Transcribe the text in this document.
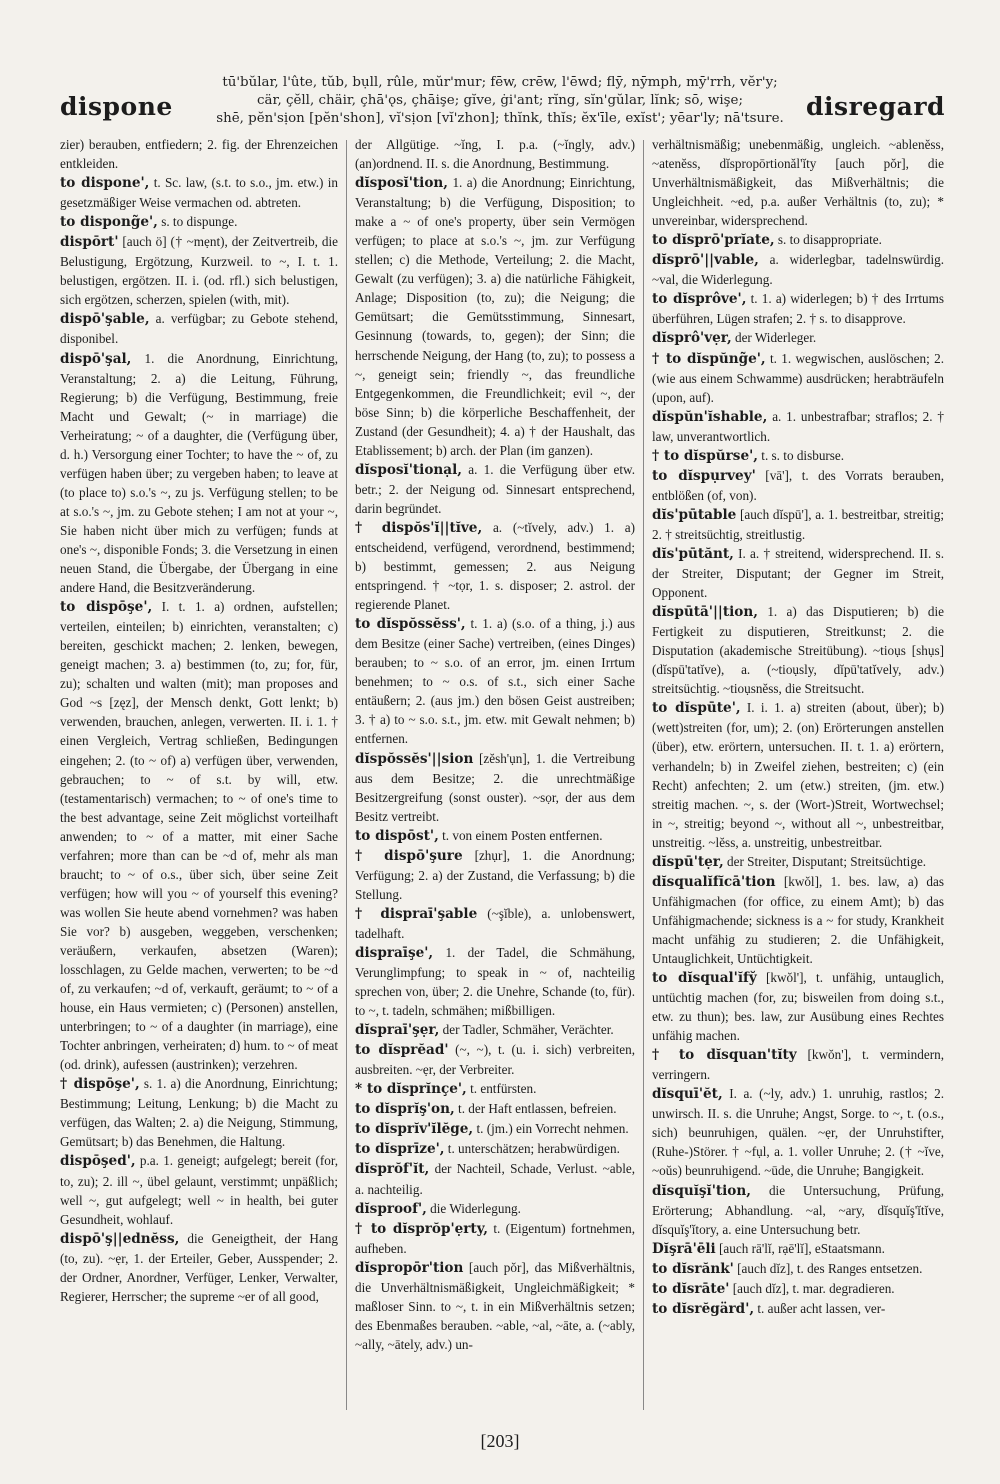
dispone
tū'bŭlar, l'ûte, tŭb, bụll, rûle, mŭr'mur; fēw, crēw, l'ēwd; flȳ, nȳmph, mȳ'rrh, vĕr'y;
cär, çĕll, chäir, çhā'ǫs, çhāişe; gĭve, ġi'ant; rĭng, sĭn'gŭlar, lĭnk; sō, wişe;
shē, pĕn'sịon [pĕn'shon], vĭ'sịon [vĭ'zhon]; thĭnk, thĭs; ĕx'īle, exĭst'; yēar'ly; nā'tsure. disregard

zier) berauben, entfiedern; 2. fig. der Ehrenzeichen entkleiden.

to dispone', t. Sc. law, (s.t. to s.o., jm. etw.) in gesetzmäßiger Weise vermachen od. abtreten.

to dispong̃e', s. to dispunge.

dispōrt' [auch ö] († ~mẹnt), der Zeitvertreib, die Belustigung, Ergötzung, Kurzweil. to ~, I. t. 1. belustigen, ergötzen. II. i. (od. rfl.) sich belustigen, sich ergötzen, scherzen, spielen (with, mit).

dispō'şable, a. verfügbar; zu Gebote stehend, disponibel.

dispō'şal, 1. die Anordnung, Einrichtung, Veranstaltung; 2. a) die Leitung, Führung, Regierung; b) die Verfügung, Bestimmung, freie Macht und Gewalt; (~ in marriage) die Verheiratung; ~ of a daughter, die (Verfügung über, d. h.) Versorgung einer Tochter; to have the ~ of, zu verfügen haben über; zu vergeben haben; to leave at (to place to) s.o.'s ~, zu js. Verfügung stellen; to be at s.o.'s ~, jm. zu Gebote stehen; I am not at your ~, Sie haben nicht über mich zu verfügen; funds at one's ~, disponible Fonds; 3. die Versetzung in einen neuen Stand, die Übergabe, der Übergang in eine andere Hand, die Besitzveränderung.

to dispōşe', I. t. 1. a) ordnen, aufstellen; verteilen, einteilen; b) einrichten, veranstalten; c) bereiten, geschickt machen; 2. lenken, bewegen, geneigt machen; 3. a) bestimmen (to, zu; for, für, zu); schalten und walten (mit); man proposes and God ~s [zęz], der Mensch denkt, Gott lenkt; b) verwenden, brauchen, anlegen, verwerten. II. i. 1. † einen Vergleich, Vertrag schließen, Bedingungen eingehen; 2. (to ~ of) a) verfügen über, verwenden, gebrauchen; to ~ of s.t. by will, etw. (testamentarisch) vermachen; to ~ of one's time to the best advantage, seine Zeit möglichst vorteilhaft anwenden; to ~ of a matter, mit einer Sache verfahren; more than can be ~d of, mehr als man braucht; to ~ of o.s., über sich, über seine Zeit verfügen; how will you ~ of yourself this evening? was wollen Sie heute abend vornehmen? was haben Sie vor? b) ausgeben, weggeben, verschenken; veräußern, verkaufen, absetzen (Waren); losschlagen, zu Gelde machen, verwerten; to be ~d of, zu verkaufen; ~d of, verkauft, geräumt; to ~ of a house, ein Haus vermieten; c) (Personen) anstellen, unterbringen; to ~ of a daughter (in marriage), eine Tochter anbringen, verheiraten; d) hum. to ~ of meat (od. drink), aufessen (austrinken); verzehren.

† dispōşe', s. 1. a) die Anordnung, Einrichtung; Bestimmung; Leitung, Lenkung; b) die Macht zu verfügen, das Walten; 2. a) die Neigung, Stimmung, Gemütsart; b) das Benehmen, die Haltung.

dispōşed', p.a. 1. geneigt; aufgelegt; bereit (for, to, zu); 2. ill ~, übel gelaunt, verstimmt; unpäßlich; well ~, gut aufgelegt; well ~ in health, bei guter Gesundheit, wohlauf.

dispō'ş||ednĕss, die Geneigtheit, der Hang (to, zu). ~ẹr, 1. der Erteiler, Geber, Ausspender; 2. der Ordner, Anordner, Verfüger, Lenker, Verwalter, Regierer, Herrscher; the supreme ~er of all good,

der Allgütige. ~ĭng, I. p.a. (~ĭngly, adv.) (an)ordnend. II. s. die Anordnung, Bestimmung.

dĭsposĭ'tion, 1. a) die Anordnung; Einrichtung, Veranstaltung; b) die Verfügung, Disposition; to make a ~ of one's property, über sein Vermögen verfügen; to place at s.o.'s ~, jm. zur Verfügung stellen; c) die Methode, Verteilung; 2. die Macht, Gewalt (zu verfügen); 3. a) die natürliche Fähigkeit, Anlage; Disposition (to, zu); die Neigung; die Gemütsart; die Gemütsstimmung, Sinnesart, Gesinnung (towards, to, gegen); der Sinn; die herrschende Neigung, der Hang (to, zu); to possess a ~, geneigt sein; friendly ~, das freundliche Entgegenkommen, die Freundlichkeit; evil ~, der böse Sinn; b) die körperliche Beschaffenheit, der Zustand (der Gesundheit); 4. a) † der Haushalt, das Etablissement; b) arch. der Plan (im ganzen).

dĭsposĭ'tionạl, a. 1. die Verfügung über etw. betr.; 2. der Neigung od. Sinnesart entsprechend, darin begründet.

† dispŏs'ĭ||tĭve, a. (~tĭvely, adv.) 1. a) entscheidend, verfügend, verordnend, bestimmend; b) bestimmt, gemessen; 2. aus Neigung entspringend. † ~tọr, 1. s. disposer; 2. astrol. der regierende Planet.

to dĭspŏssĕss', t. 1. a) (s.o. of a thing, j.) aus dem Besitze (einer Sache) vertreiben, (eines Dinges) berauben; to ~ s.o. of an error, jm. einen Irrtum benehmen; to ~ o.s. of s.t., sich einer Sache entäußern; 2. (aus jm.) den bösen Geist austreiben; 3. † a) to ~ s.o. s.t., jm. etw. mit Gewalt nehmen; b) entfernen.

dĭspŏssĕs'||sion [zĕsh'ụn], 1. die Vertreibung aus dem Besitze; 2. die unrechtmäßige Besitzergreifung (sonst ouster). ~sọr, der aus dem Besitz vertreibt.

to dispōst', t. von einem Posten entfernen.

† dispō'şure [zhụr], 1. die Anordnung; Verfügung; 2. a) der Zustand, die Verfassung; b) die Stellung.

† dispraī'şable (~şĭble), a. unlobenswert, tadelhaft.

dispraīşe', 1. der Tadel, die Schmähung, Verunglimpfung; to speak in ~ of, nachteilig sprechen von, über; 2. die Unehre, Schande (to, für). to ~, t. tadeln, schmähen; mißbilligen.

dĭspraī'şẹr, der Tadler, Schmäher, Verächter.

to dĭsprĕad' (~, ~), t. (u. i. sich) verbreiten, ausbreiten. ~ẹr, der Verbreiter.

* to dĭsprĭnçe', t. entfürsten.

to dĭsprĭş'on, t. der Haft entlassen, befreien.

to dĭsprĭv'ĭlĕge, t. (jm.) ein Vorrecht nehmen.

to dĭsprīze', t. unterschätzen; herabwürdigen.

dĭsprŏf'ĭt, der Nachteil, Schade, Verlust. ~able, a. nachteilig.

dĭsproof', die Widerlegung.

† to dĭsprŏp'ẹrty, t. (Eigentum) fortnehmen, aufheben.

dĭspropōr'tion [auch pŏr], das Mißverhältnis, die Unverhältnismäßigkeit, Ungleichmäßigkeit; * maßloser Sinn. to ~, t. in ein Mißverhältnis setzen; des Ebenmaßes berauben. ~able, ~al, ~āte, a. (~ably, ~ally, ~ātely, adv.) un-

verhältnismäßig; unebenmäßig, ungleich. ~ablenĕss, ~atenĕss, dĭspropōrtionăl'ĭty [auch pŏr], die Unverhältnismäßigkeit, das Mißverhältnis; die Ungleichheit. ~ed, p.a. außer Verhältnis (to, zu); * unvereinbar, widersprechend.

to dĭsprō'prĭate, s. to disappropriate.

dĭsprō'||vable, a. widerlegbar, tadelnswürdig. ~val, die Widerlegung.

to dĭsprôve', t. 1. a) widerlegen; b) † des Irrtums überführen, Lügen strafen; 2. † s. to disapprove.

dĭsprô'vẹr, der Widerleger.

† to dĭspŭng̃e', t. 1. wegwischen, auslöschen; 2. (wie aus einem Schwamme) ausdrücken; herabträufeln (upon, auf).

dĭspŭn'ĭshable, a. 1. unbestrafbar; straflos; 2. † law, unverantwortlich.

† to dĭspŭrse', t. s. to disburse.

to dĭspụrvey' [vā'], t. des Vorrats berauben, entblößen (of, von).

dĭs'pūtable [auch dĭspū'], a. 1. bestreitbar, streitig; 2. † streitsüchtig, streitlustig.

dĭs'pūtănt, I. a. † streitend, widersprechend. II. s. der Streiter, Disputant; der Gegner im Streit, Opponent.

dĭspūtā'||tion, 1. a) das Disputieren; b) die Fertigkeit zu disputieren, Streitkunst; 2. die Disputation (akademische Streitübung). ~tioụs [shụs] (dĭspū'tatĭve), a. (~tioụsly, dĭpū'tatĭvely, adv.) streitsüchtig. ~tioụsnĕss, die Streitsucht.

to dĭspūte', I. i. 1. a) streiten (about, über); b) (wett)streiten (for, um); 2. (on) Erörterungen anstellen (über), etw. erörtern, untersuchen. II. t. 1. a) erörtern, verhandeln; b) in Zweifel ziehen, bestreiten; c) (ein Recht) anfechten; 2. um (etw.) streiten, (jm. etw.) streitig machen. ~, s. der (Wort-)Streit, Wortwechsel; in ~, streitig; beyond ~, without all ~, unbestreitbar, unstreitig. ~lĕss, a. unstreitig, unbestreitbar.

dĭspū'tẹr, der Streiter, Disputant; Streitsüchtige.

dĭsqualĭfĭcā'tion [kwŏl], 1. bes. law, a) das Unfähigmachen (for office, zu einem Amt); b) das Unfähigmachende; sickness is a ~ for study, Krankheit macht unfähig zu studieren; 2. die Unfähigkeit, Untauglichkeit, Untüchtigkeit.

to dĭsqual'ĭfy̆ [kwŏl'], t. unfähig, untauglich, untüchtig machen (for, zu; bisweilen from doing s.t., etw. zu thun); bes. law, zur Ausübung eines Rechtes unfähig machen.

† to dĭsquan'tĭty [kwŏn'], t. vermindern, verringern.

dĭsquī'ĕt, I. a. (~ly, adv.) 1. unruhig, rastlos; 2. unwirsch. II. s. die Unruhe; Angst, Sorge. to ~, t. (o.s., sich) beunruhigen, quälen. ~ẹr, der Unruhstifter, (Ruhe-)Störer. † ~fụl, a. 1. voller Unruhe; 2. († ~ĭve, ~oŭs) beunruhigend. ~ūde, die Unruhe; Bangigkeit.

dĭsquĭşĭ'tion, die Untersuchung, Prüfung, Erörterung; Abhandlung. ~al, ~ary, dĭsquĭş'ĭtĭve, dĭsquĭş'ĭtory, a. eine Untersuchung betr.

Dĭşrā'ēli [auch rā'lĭ, rạē'lĭ], eStaatsmann.

to dĭsrănk' [auch dĭz], t. des Ranges entsetzen.

to dĭsrāte' [auch dĭz], t. mar. degradieren.

to dĭsrĕgärd', t. außer acht lassen, ver-

[203]
